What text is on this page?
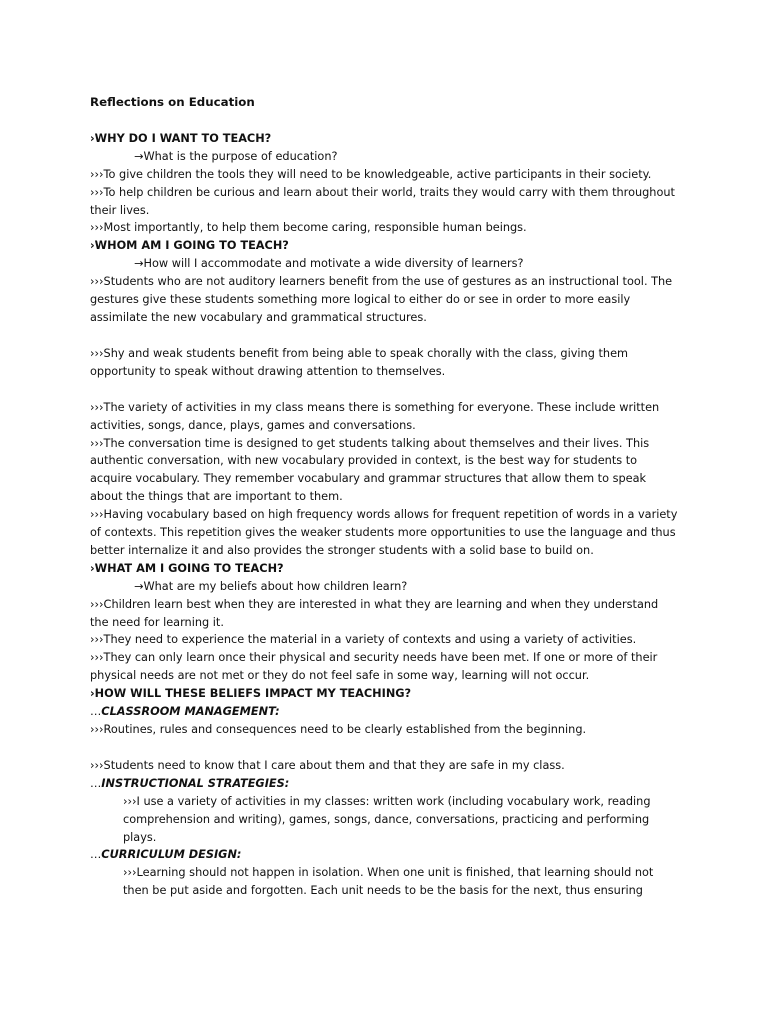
Reflections on Education
›WHY DO I WANT TO TEACH?
→What is the purpose of education?
›››To give children the tools they will need to be knowledgeable, active participants in their society.
›››To help children be curious and learn about their world, traits they would carry with them throughout their lives.
›››Most importantly, to help them become caring, responsible human beings.
›WHOM AM I GOING TO TEACH?
→How will I accommodate and motivate a wide diversity of learners?
›››Students who are not auditory learners benefit from the use of gestures as an instructional tool. The gestures give these students something more logical to either do or see in order to more easily assimilate the new vocabulary and grammatical structures.
›››Shy and weak students benefit from being able to speak chorally with the class, giving them opportunity to speak without drawing attention to themselves.
›››The variety of activities in my class means there is something for everyone. These include written activities, songs, dance, plays, games and conversations.
›››The conversation time is designed to get students talking about themselves and their lives. This authentic conversation, with new vocabulary provided in context, is the best way for students to acquire vocabulary. They remember vocabulary and grammar structures that allow them to speak about the things that are important to them.
›››Having vocabulary based on high frequency words allows for frequent repetition of words in a variety of contexts. This repetition gives the weaker students more opportunities to use the language and thus better internalize it and also provides the stronger students with a solid base to build on.
›WHAT AM I GOING TO TEACH?
→What are my beliefs about how children learn?
›››Children learn best when they are interested in what they are learning and when they understand the need for learning it.
›››They need to experience the material in a variety of contexts and using a variety of activities.
›››They can only learn once their physical and security needs have been met. If one or more of their physical needs are not met or they do not feel safe in some way, learning will not occur.
›HOW WILL THESE BELIEFS IMPACT MY TEACHING?
…CLASSROOM MANAGEMENT:
›››Routines, rules and consequences need to be clearly established from the beginning.
›››Students need to know that I care about them and that they are safe in my class.
…INSTRUCTIONAL STRATEGIES:
›››I use a variety of activities in my classes: written work (including vocabulary work, reading comprehension and writing), games, songs, dance, conversations, practicing and performing plays.
…CURRICULUM DESIGN:
›››Learning should not happen in isolation. When one unit is finished, that learning should not then be put aside and forgotten. Each unit needs to be the basis for the next, thus ensuring
